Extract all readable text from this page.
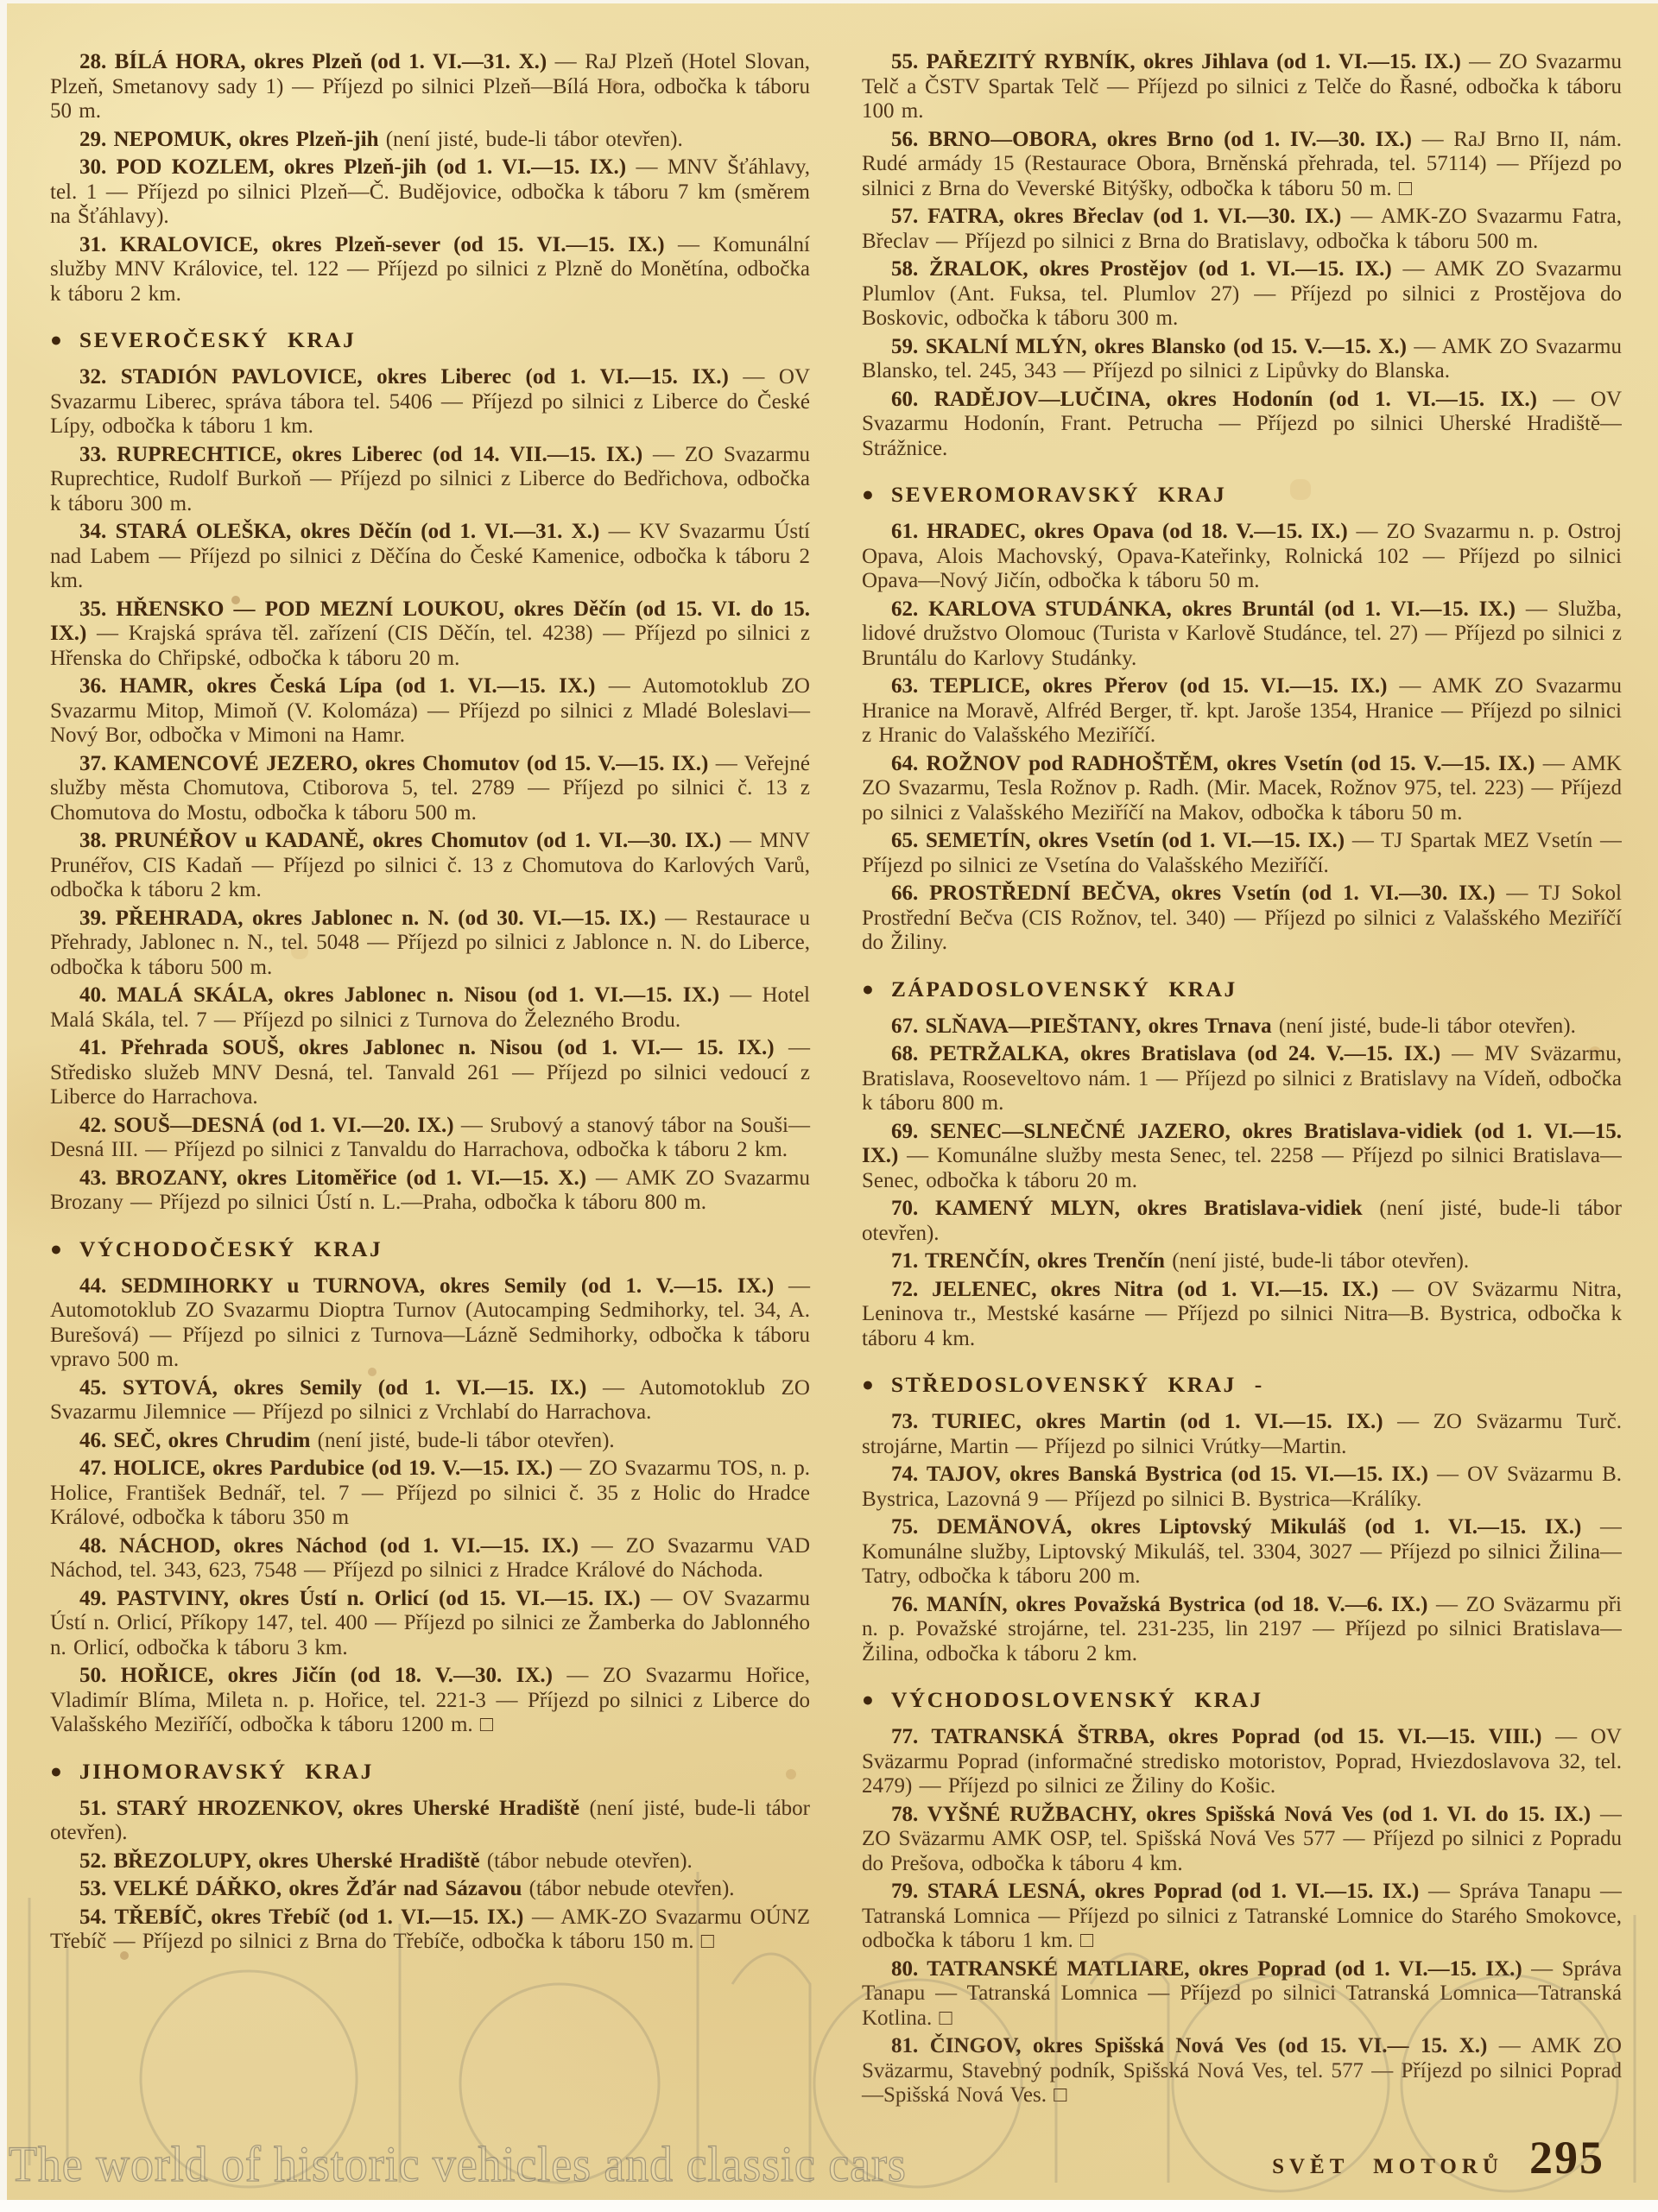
28. BÍLÁ HORA, okres Plzeň (od 1. VI.—31. X.) — RaJ Plzeň (Hotel Slovan, Plzeň, Smetanovy sady 1) — Příjezd po silnici Plzeň—Bílá Hora, odbočka k táboru 50 m.

29. NEPOMUK, okres Plzeň-jih (není jisté, bude-li tábor otevřen).

30. POD KOZLEM, okres Plzeň-jih (od 1. VI.—15. IX.) — MNV Šťáhlavy, tel. 1 — Příjezd po silnici Plzeň—Č. Budějovice, odbočka k táboru 7 km (směrem na Šťáhlavy).

31. KRALOVICE, okres Plzeň-sever (od 15. VI.—15. IX.) — Komunální služby MNV Královice, tel. 122 — Příjezd po silnici z Plzně do Monětína, odbočka k táboru 2 km.

● SEVEROČESKÝ KRAJ

32. STADIÓN PAVLOVICE, okres Liberec (od 1. VI.—15. IX.) — OV Svazarmu Liberec, správa tábora tel. 5406 — Příjezd po silnici z Liberce do České Lípy, odbočka k táboru 1 km.

33. RUPRECHTICE, okres Liberec (od 14. VII.—15. IX.) — ZO Svazarmu Ruprechtice, Rudolf Burkoň — Příjezd po silnici z Liberce do Bedřichova, odbočka k táboru 300 m.

34. STARÁ OLEŠKA, okres Děčín (od 1. VI.—31. X.) — KV Svazarmu Ústí nad Labem — Příjezd po silnici z Děčína do České Kamenice, odbočka k táboru 2 km.

35. HŘENSKO — POD MEZNÍ LOUKOU, okres Děčín (od 15. VI. do 15. IX.) — Krajská správa těl. zařízení (CIS Děčín, tel. 4238) — Příjezd po silnici z Hřenska do Chřipské, odbočka k táboru 20 m.

36. HAMR, okres Česká Lípa (od 1. VI.—15. IX.) — Automotoklub ZO Svazarmu Mitop, Mimoň (V. Kolomáza) — Příjezd po silnici z Mladé Boleslavi—Nový Bor, odbočka v Mimoni na Hamr.

37. KAMENCOVÉ JEZERO, okres Chomutov (od 15. V.—15. IX.) — Veřejné služby města Chomutova, Ctiborova 5, tel. 2789 — Příjezd po silnici č. 13 z Chomutova do Mostu, odbočka k táboru 500 m.

38. PRUNÉŘOV u KADANĚ, okres Chomutov (od 1. VI.—30. IX.) — MNV Prunéřov, CIS Kadaň — Příjezd po silnici č. 13 z Chomutova do Karlových Varů, odbočka k táboru 2 km.

39. PŘEHRADA, okres Jablonec n. N. (od 30. VI.—15. IX.) — Restaurace u Přehrady, Jablonec n. N., tel. 5048 — Příjezd po silnici z Jablonce n. N. do Liberce, odbočka k táboru 500 m.

40. MALÁ SKÁLA, okres Jablonec n. Nisou (od 1. VI.—15. IX.) — Hotel Malá Skála, tel. 7 — Příjezd po silnici z Turnova do Železného Brodu.

41. Přehrada SOUŠ, okres Jablonec n. Nisou (od 1. VI.— 15. IX.) — Středisko služeb MNV Desná, tel. Tanvald 261 — Příjezd po silnici vedoucí z Liberce do Harrachova.

42. SOUŠ—DESNÁ (od 1. VI.—20. IX.) — Srubový a stanový tábor na Souši—Desná III. — Příjezd po silnici z Tanvaldu do Harrachova, odbočka k táboru 2 km.

43. BROZANY, okres Litoměřice (od 1. VI.—15. X.) — AMK ZO Svazarmu Brozany — Příjezd po silnici Ústí n. L.—Praha, odbočka k táboru 800 m.

● VÝCHODOČESKÝ KRAJ

44. SEDMIHORKY u TURNOVA, okres Semily (od 1. V.—15. IX.) — Automotoklub ZO Svazarmu Dioptra Turnov (Autocamping Sedmihorky, tel. 34, A. Burešová) — Příjezd po silnici z Turnova—Lázně Sedmihorky, odbočka k táboru vpravo 500 m.

45. SYTOVÁ, okres Semily (od 1. VI.—15. IX.) — Automotoklub ZO Svazarmu Jilemnice — Příjezd po silnici z Vrchlabí do Harrachova.

46. SEČ, okres Chrudim (není jisté, bude-li tábor otevřen).

47. HOLICE, okres Pardubice (od 19. V.—15. IX.) — ZO Svazarmu TOS, n. p. Holice, František Bednář, tel. 7 — Příjezd po silnici č. 35 z Holic do Hradce Králové, odbočka k táboru 350 m

48. NÁCHOD, okres Náchod (od 1. VI.—15. IX.) — ZO Svazarmu VAD Náchod, tel. 343, 623, 7548 — Příjezd po silnici z Hradce Králové do Náchoda.

49. PASTVINY, okres Ústí n. Orlicí (od 15. VI.—15. IX.) — OV Svazarmu Ústí n. Orlicí, Příkopy 147, tel. 400 — Příjezd po silnici ze Žamberka do Jablonného n. Orlicí, odbočka k táboru 3 km.

50. HOŘICE, okres Jičín (od 18. V.—30. IX.) — ZO Svazarmu Hořice, Vladimír Blíma, Mileta n. p. Hořice, tel. 221-3 — Příjezd po silnici z Liberce do Valašského Meziříčí, odbočka k táboru 1200 m. □

● JIHOMORAVSKÝ KRAJ

51. STARÝ HROZENKOV, okres Uherské Hradiště (není jisté, bude-li tábor otevřen).

52. BŘEZOLUPY, okres Uherské Hradiště (tábor nebude otevřen).

53. VELKÉ DÁŘKO, okres Žďár nad Sázavou (tábor nebude otevřen).

54. TŘEBÍČ, okres Třebíč (od 1. VI.—15. IX.) — AMK-ZO Svazarmu OÚNZ Třebíč — Příjezd po silnici z Brna do Třebíče, odbočka k táboru 150 m. □

55. PAŘEZITÝ RYBNÍK, okres Jihlava (od 1. VI.—15. IX.) — ZO Svazarmu Telč a ČSTV Spartak Telč — Příjezd po silnici z Telče do Řasné, odbočka k táboru 100 m.

56. BRNO—OBORA, okres Brno (od 1. IV.—30. IX.) — RaJ Brno II, nám. Rudé armády 15 (Restaurace Obora, Brněnská přehrada, tel. 57114) — Příjezd po silnici z Brna do Veverské Bitýšky, odbočka k táboru 50 m. □

57. FATRA, okres Břeclav (od 1. VI.—30. IX.) — AMK-ZO Svazarmu Fatra, Břeclav — Příjezd po silnici z Brna do Bratislavy, odbočka k táboru 500 m.

58. ŽRALOK, okres Prostějov (od 1. VI.—15. IX.) — AMK ZO Svazarmu Plumlov (Ant. Fuksa, tel. Plumlov 27) — Příjezd po silnici z Prostějova do Boskovic, odbočka k táboru 300 m.

59. SKALNÍ MLÝN, okres Blansko (od 15. V.—15. X.) — AMK ZO Svazarmu Blansko, tel. 245, 343 — Příjezd po silnici z Lipůvky do Blanska.

60. RADĚJOV—LUČINA, okres Hodonín (od 1. VI.—15. IX.) — OV Svazarmu Hodonín, Frant. Petrucha — Příjezd po silnici Uherské Hradiště—Strážnice.

● SEVEROMORAVSKÝ KRAJ

61. HRADEC, okres Opava (od 18. V.—15. IX.) — ZO Svazarmu n. p. Ostroj Opava, Alois Machovský, Opava-Kateřinky, Rolnická 102 — Příjezd po silnici Opava—Nový Jičín, odbočka k táboru 50 m.

62. KARLOVA STUDÁNKA, okres Bruntál (od 1. VI.—15. IX.) — Služba, lidové družstvo Olomouc (Turista v Karlově Studánce, tel. 27) — Příjezd po silnici z Bruntálu do Karlovy Studánky.

63. TEPLICE, okres Přerov (od 15. VI.—15. IX.) — AMK ZO Svazarmu Hranice na Moravě, Alfréd Berger, tř. kpt. Jaroše 1354, Hranice — Příjezd po silnici z Hranic do Valašského Meziříčí.

64. ROŽNOV pod RADHOŠTĚM, okres Vsetín (od 15. V.—15. IX.) — AMK ZO Svazarmu, Tesla Rožnov p. Radh. (Mir. Macek, Rožnov 975, tel. 223) — Příjezd po silnici z Valašského Meziříčí na Makov, odbočka k táboru 50 m.

65. SEMETÍN, okres Vsetín (od 1. VI.—15. IX.) — TJ Spartak MEZ Vsetín — Příjezd po silnici ze Vsetína do Valašského Meziříčí.

66. PROSTŘEDNÍ BEČVA, okres Vsetín (od 1. VI.—30. IX.) — TJ Sokol Prostřední Bečva (CIS Rožnov, tel. 340) — Příjezd po silnici z Valašského Meziříčí do Žiliny.

● ZÁPADOSLOVENSKÝ KRAJ

67. SLŇAVA—PIEŠTANY, okres Trnava (není jisté, bude-li tábor otevřen).

68. PETRŽALKA, okres Bratislava (od 24. V.—15. IX.) — MV Sväzarmu, Bratislava, Rooseveltovo nám. 1 — Příjezd po silnici z Bratislavy na Vídeň, odbočka k táboru 800 m.

69. SENEC—SLNEČNÉ JAZERO, okres Bratislava-vidiek (od 1. VI.—15. IX.) — Komunálne služby mesta Senec, tel. 2258 — Příjezd po silnici Bratislava—Senec, odbočka k táboru 20 m.

70. KAMENÝ MLYN, okres Bratislava-vidiek (není jisté, bude-li tábor otevřen).

71. TRENČÍN, okres Trenčín (není jisté, bude-li tábor otevřen).

72. JELENEC, okres Nitra (od 1. VI.—15. IX.) — OV Sväzarmu Nitra, Leninova tr., Mestské kasárne — Příjezd po silnici Nitra—B. Bystrica, odbočka k táboru 4 km.

● STŘEDOSLOVENSKÝ KRAJ -

73. TURIEC, okres Martin (od 1. VI.—15. IX.) — ZO Sväzarmu Turč. strojárne, Martin — Příjezd po silnici Vrútky—Martin.

74. TAJOV, okres Banská Bystrica (od 15. VI.—15. IX.) — OV Sväzarmu B. Bystrica, Lazovná 9 — Příjezd po silnici B. Bystrica—Králíky.

75. DEMÄNOVÁ, okres Liptovský Mikuláš (od 1. VI.—15. IX.) — Komunálne služby, Liptovský Mikuláš, tel. 3304, 3027 — Příjezd po silnici Žilina—Tatry, odbočka k táboru 200 m.

76. MANÍN, okres Považská Bystrica (od 18. V.—6. IX.) — ZO Sväzarmu při n. p. Považské strojárne, tel. 231-235, lin 2197 — Příjezd po silnici Bratislava—Žilina, odbočka k táboru 2 km.

● VÝCHODOSLOVENSKÝ KRAJ

77. TATRANSKÁ ŠTRBA, okres Poprad (od 15. VI.—15. VIII.) — OV Sväzarmu Poprad (informačné stredisko motoristov, Poprad, Hviezdoslavova 32, tel. 2479) — Příjezd po silnici ze Žiliny do Košic.

78. VYŠNÉ RUŽBACHY, okres Spišská Nová Ves (od 1. VI. do 15. IX.) — ZO Sväzarmu AMK OSP, tel. Spišská Nová Ves 577 — Příjezd po silnici z Popradu do Prešova, odbočka k táboru 4 km.

79. STARÁ LESNÁ, okres Poprad (od 1. VI.—15. IX.) — Správa Tanapu — Tatranská Lomnica — Příjezd po silnici z Tatranské Lomnice do Starého Smokovce, odbočka k táboru 1 km. □

80. TATRANSKÉ MATLIARE, okres Poprad (od 1. VI.—15. IX.) — Správa Tanapu — Tatranská Lomnica — Příjezd po silnici Tatranská Lomnica—Tatranská Kotlina. □

81. ČINGOV, okres Spišská Nová Ves (od 15. VI.— 15. X.) — AMK ZO Sväzarmu, Stavebný podník, Spišská Nová Ves, tel. 577 — Příjezd po silnici Poprad—Spišská Nová Ves. □

The world of historic vehicles and classic cars	SVĚT MOTORŮ 295
